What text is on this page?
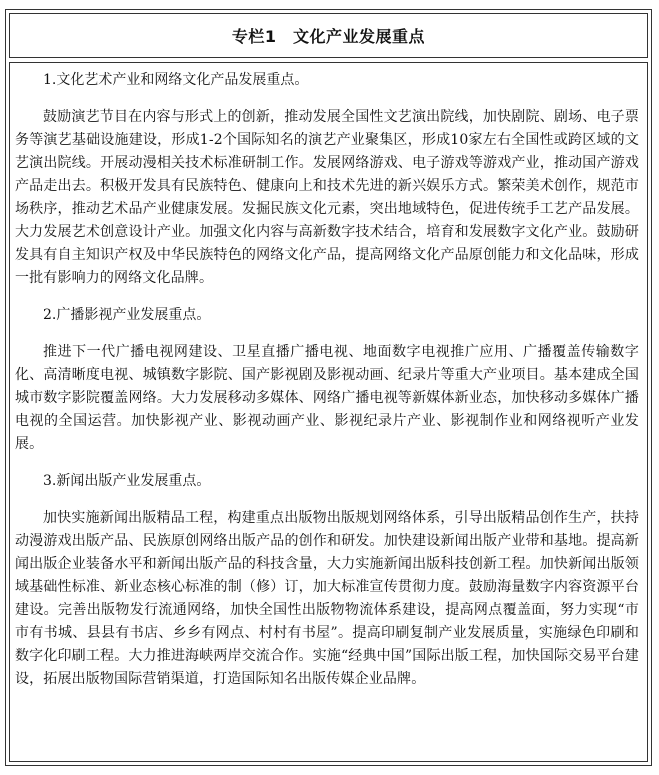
专栏1　文化产业发展重点

1.文化艺术产业和网络文化产品发展重点。

鼓励演艺节目在内容与形式上的创新，推动发展全国性文艺演出院线，加快剧院、剧场、电子票务等演艺基础设施建设，形成1-2个国际知名的演艺产业聚集区，形成10家左右全国性或跨区域的文艺演出院线。开展动漫相关技术标准研制工作。发展网络游戏、电子游戏等游戏产业，推动国产游戏产品走出去。积极开发具有民族特色、健康向上和技术先进的新兴娱乐方式。繁荣美术创作，规范市场秩序，推动艺术品产业健康发展。发掘民族文化元素，突出地域特色，促进传统手工艺产品发展。大力发展艺术创意设计产业。加强文化内容与高新数字技术结合，培育和发展数字文化产业。鼓励研发具有自主知识产权及中华民族特色的网络文化产品，提高网络文化产品原创能力和文化品味，形成一批有影响力的网络文化品牌。

2.广播影视产业发展重点。

推进下一代广播电视网建设、卫星直播广播电视、地面数字电视推广应用、广播覆盖传输数字化、高清晰度电视、城镇数字影院、国产影视剧及影视动画、纪录片等重大产业项目。基本建成全国城市数字影院覆盖网络。大力发展移动多媒体、网络广播电视等新媒体新业态，加快移动多媒体广播电视的全国运营。加快影视产业、影视动画产业、影视纪录片产业、影视制作业和网络视听产业发展。

3.新闻出版产业发展重点。

加快实施新闻出版精品工程，构建重点出版物出版规划网络体系，引导出版精品创作生产，扶持动漫游戏出版产品、民族原创网络出版产品的创作和研发。加快建设新闻出版产业带和基地。提高新闻出版企业装备水平和新闻出版产品的科技含量，大力实施新闻出版科技创新工程。加快新闻出版领域基础性标准、新业态核心标准的制（修）订，加大标准宣传贯彻力度。鼓励海量数字内容资源平台建设。完善出版物发行流通网络，加快全国性出版物物流体系建设，提高网点覆盖面，努力实现“市市有书城、县县有书店、乡乡有网点、村村有书屋”。提高印刷复制产业发展质量，实施绿色印刷和数字化印刷工程。大力推进海峡两岸交流合作。实施“经典中国”国际出版工程，加快国际交易平台建设，拓展出版物国际营销渠道，打造国际知名出版传媒企业品牌。
